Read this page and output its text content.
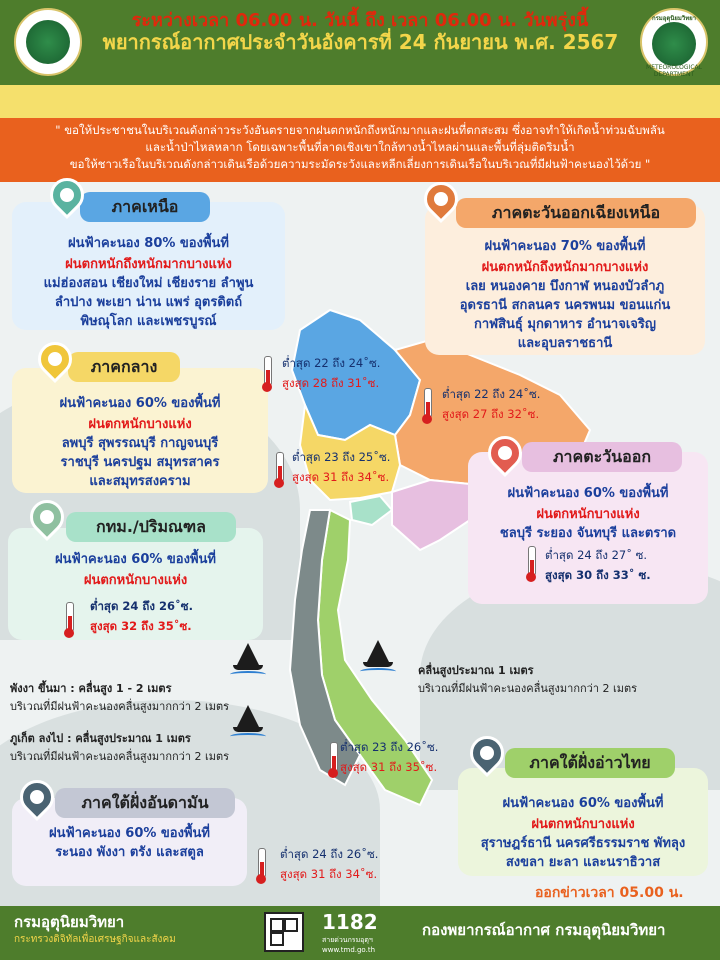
พยากรณ์อากาศประจำวันอังคารที่ 24 กันยายน พ.ศ. 2567
กรมอุตุนิยมวิทยา
METEOROLOGICAL DEPARTMENT
ระหว่างเวลา 06.00 น. วันนี้ ถึง เวลา 06.00 น. วันพรุ่งนี้
" ขอให้ประชาชนในบริเวณดังกล่าวระวังอันตรายจากฝนตกหนักถึงหนักมากและฝนที่ตกสะสม ซึ่งอาจทำให้เกิดน้ำท่วมฉับพลัน
และน้ำป่าไหลหลาก โดยเฉพาะพื้นที่ลาดเชิงเขาใกล้ทางน้ำไหลผ่านและพื้นที่ลุ่มติดริมน้ำ
ขอให้ชาวเรือในบริเวณดังกล่าวเดินเรือด้วยความระมัดระวังและหลีกเลี่ยงการเดินเรือในบริเวณที่มีฝนฟ้าคะนองไว้ด้วย "
ฝนฟ้าคะนอง 80% ของพื้นที่
ฝนตกหนักถึงหนักมากบางแห่ง
แม่ฮ่องสอน เชียงใหม่ เชียงราย ลำพูน
ลำปาง พะเยา น่าน แพร่ อุตรดิตถ์
พิษณุโลก และเพชรบูรณ์
ภาคเหนือ
ฝนฟ้าคะนอง 70% ของพื้นที่
ฝนตกหนักถึงหนักมากบางแห่ง
เลย หนองคาย บึงกาฬ หนองบัวลำภู
อุดรธานี สกลนคร นครพนม ขอนแก่น
กาฬสินธุ์ มุกดาหาร อำนาจเจริญ
และอุบลราชธานี
ภาคตะวันออกเฉียงเหนือ
ฝนฟ้าคะนอง 60% ของพื้นที่
ฝนตกหนักบางแห่ง
ลพบุรี สุพรรณบุรี กาญจนบุรี
ราชบุรี นครปฐม สมุทรสาคร
และสมุทรสงคราม
ภาคกลาง
ฝนฟ้าคะนอง 60% ของพื้นที่
ฝนตกหนักบางแห่ง
ชลบุรี ระยอง จันทบุรี และตราด
ภาคตะวันออก
ต่ำสุด 24 ถึง 27˚ ซ.
สูงสุด 30 ถึง 33˚ ซ.
ฝนฟ้าคะนอง 60% ของพื้นที่
ฝนตกหนักบางแห่ง
กทม./ปริมณฑล
ต่ำสุด 24 ถึง 26˚ซ.
สูงสุด 32 ถึง 35˚ซ.
ต่ำสุด 22 ถึง 24˚ซ.
สูงสุด 28 ถึง 31˚ซ.
ต่ำสุด 22 ถึง 24˚ซ.
สูงสุด 27 ถึง 32˚ซ.
ต่ำสุด 23 ถึง 25˚ซ.
สูงสุด 31 ถึง 34˚ซ.
ต่ำสุด 23 ถึง 26˚ซ.
สูงสุด 31 ถึง 35˚ซ.
ต่ำสุด 24 ถึง 26˚ซ.
สูงสุด 31 ถึง 34˚ซ.
พังงา ขึ้นมา : คลื่นสูง 1 - 2 เมตร
บริเวณที่มีฝนฟ้าคะนองคลื่นสูงมากกว่า 2 เมตร
ภูเก็ต ลงไป : คลื่นสูงประมาณ 1 เมตร
บริเวณที่มีฝนฟ้าคะนองคลื่นสูงมากกว่า 2 เมตร
คลื่นสูงประมาณ 1 เมตร
บริเวณที่มีฝนฟ้าคะนองคลื่นสูงมากกว่า 2 เมตร
ฝนฟ้าคะนอง 60% ของพื้นที่
ฝนตกหนักบางแห่ง
สุราษฎร์ธานี นครศรีธรรมราช พัทลุง
สงขลา ยะลา และนราธิวาส
ภาคใต้ฝั่งอ่าวไทย
ฝนฟ้าคะนอง 60% ของพื้นที่
ระนอง พังงา ตรัง และสตูล
ภาคใต้ฝั่งอันดามัน
ออกข่าวเวลา 05.00 น.
กรมอุตุนิยมวิทยา
กระทรวงดิจิทัลเพื่อเศรษฐกิจและสังคม
1182
สายด่วนกรมอุตุฯ
www.tmd.go.th
กองพยากรณ์อากาศ กรมอุตุนิยมวิทยา
